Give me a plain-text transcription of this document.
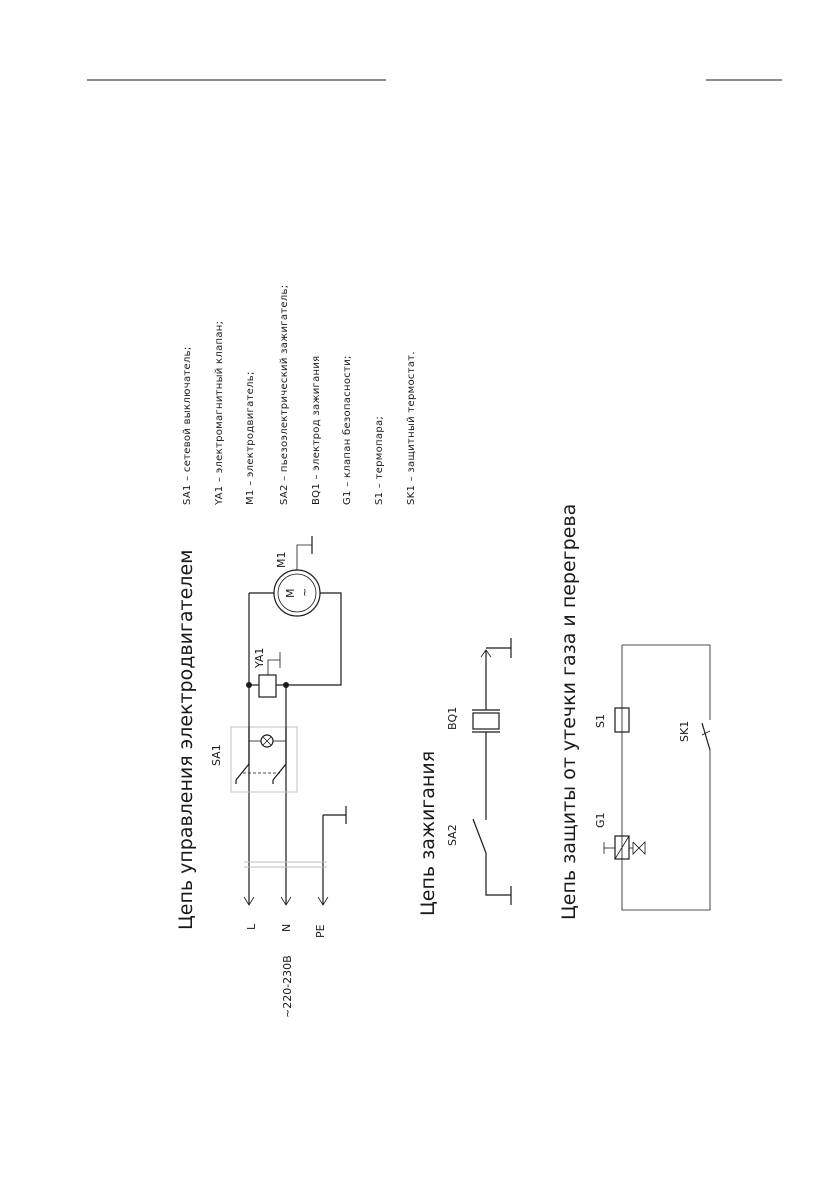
Цепь управления электродвигателем	Цепь зажигания	Цепь защиты от утечки газа и перегрева
~220-230В
L N PE
SA1
YA1
M1
M ~
SA2
BQ1
G1
S1	SK1
SA1 – сетевой выключатель; YA1 – электромагнитный клапан; M1 – электродвигатель; SA2 – пьезоэлектрический зажигатель; BQ1 – электрод зажигания G1 – клапан безопасности; S1 – термопара; SK1 – защитный термостат.
